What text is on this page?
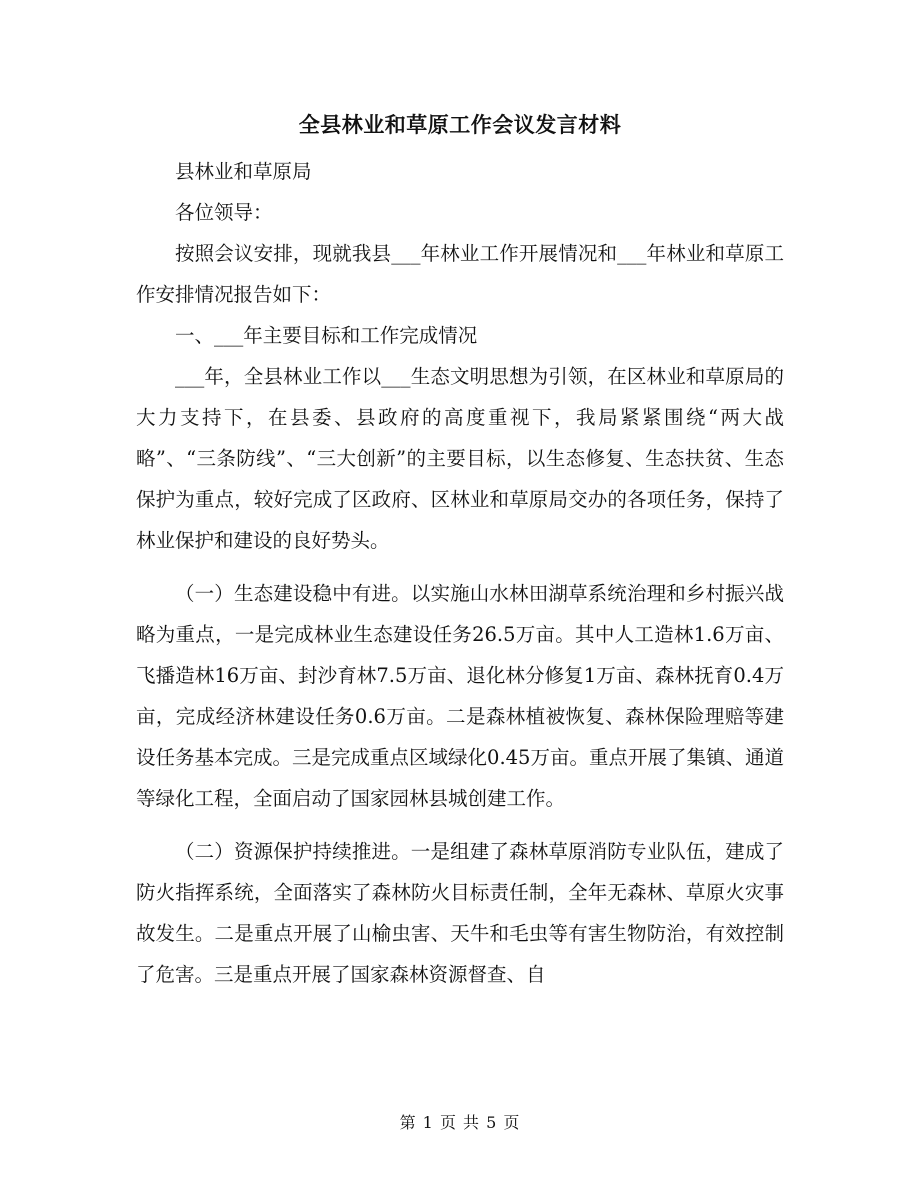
全县林业和草原工作会议发言材料

县林业和草原局

各位领导：

按照会议安排，现就我县___年林业工作开展情况和___年林业和草原工作安排情况报告如下：

一、___年主要目标和工作完成情况

___年，全县林业工作以___生态文明思想为引领，在区林业和草原局的大力支持下，在县委、县政府的高度重视下，我局紧紧围绕“两大战略”、“三条防线”、“三大创新”的主要目标，以生态修复、生态扶贫、生态保护为重点，较好完成了区政府、区林业和草原局交办的各项任务，保持了林业保护和建设的良好势头。

（一）生态建设稳中有进。以实施山水林田湖草系统治理和乡村振兴战略为重点，一是完成林业生态建设任务26.5万亩。其中人工造林1.6万亩、飞播造林16万亩、封沙育林7.5万亩、退化林分修复1万亩、森林抚育0.4万亩，完成经济林建设任务0.6万亩。二是森林植被恢复、森林保险理赔等建设任务基本完成。三是完成重点区域绿化0.45万亩。重点开展了集镇、通道等绿化工程，全面启动了国家园林县城创建工作。

（二）资源保护持续推进。一是组建了森林草原消防专业队伍，建成了防火指挥系统，全面落实了森林防火目标责任制，全年无森林、草原火灾事故发生。二是重点开展了山榆虫害、天牛和毛虫等有害生物防治，有效控制了危害。三是重点开展了国家森林资源督查、自

第 1 页 共 5 页
